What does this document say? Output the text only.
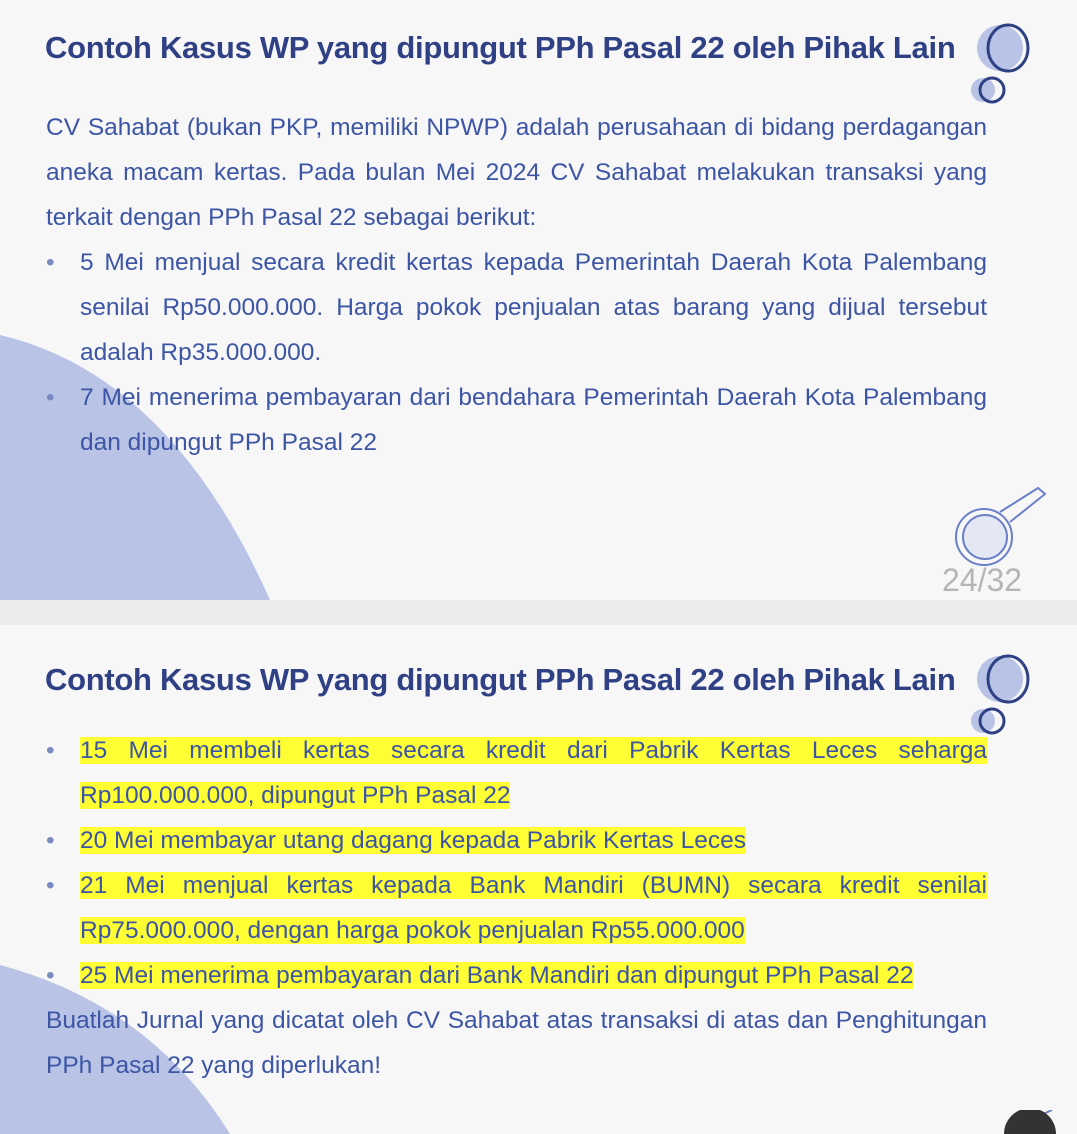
Contoh Kasus WP yang dipungut PPh Pasal 22 oleh Pihak Lain

CV Sahabat (bukan PKP, memiliki NPWP) adalah perusahaan di bidang perdagangan aneka macam kertas. Pada bulan Mei 2024 CV Sahabat melakukan transaksi yang terkait dengan PPh Pasal 22 sebagai berikut:

• 5 Mei menjual secara kredit kertas kepada Pemerintah Daerah Kota Palembang senilai Rp50.000.000. Harga pokok penjualan atas barang yang dijual tersebut adalah Rp35.000.000.
• 7 Mei menerima pembayaran dari bendahara Pemerintah Daerah Kota Palembang dan dipungut PPh Pasal 22
24/32
Contoh Kasus WP yang dipungut PPh Pasal 22 oleh Pihak Lain
• 15 Mei membeli kertas secara kredit dari Pabrik Kertas Leces seharga Rp100.000.000, dipungut PPh Pasal 22
• 20 Mei membayar utang dagang kepada Pabrik Kertas Leces
• 21 Mei menjual kertas kepada Bank Mandiri (BUMN) secara kredit senilai Rp75.000.000, dengan harga pokok penjualan Rp55.000.000
• 25 Mei menerima pembayaran dari Bank Mandiri dan dipungut PPh Pasal 22

Buatlah Jurnal yang dicatat oleh CV Sahabat atas transaksi di atas dan Penghitungan PPh Pasal 22 yang diperlukan!
